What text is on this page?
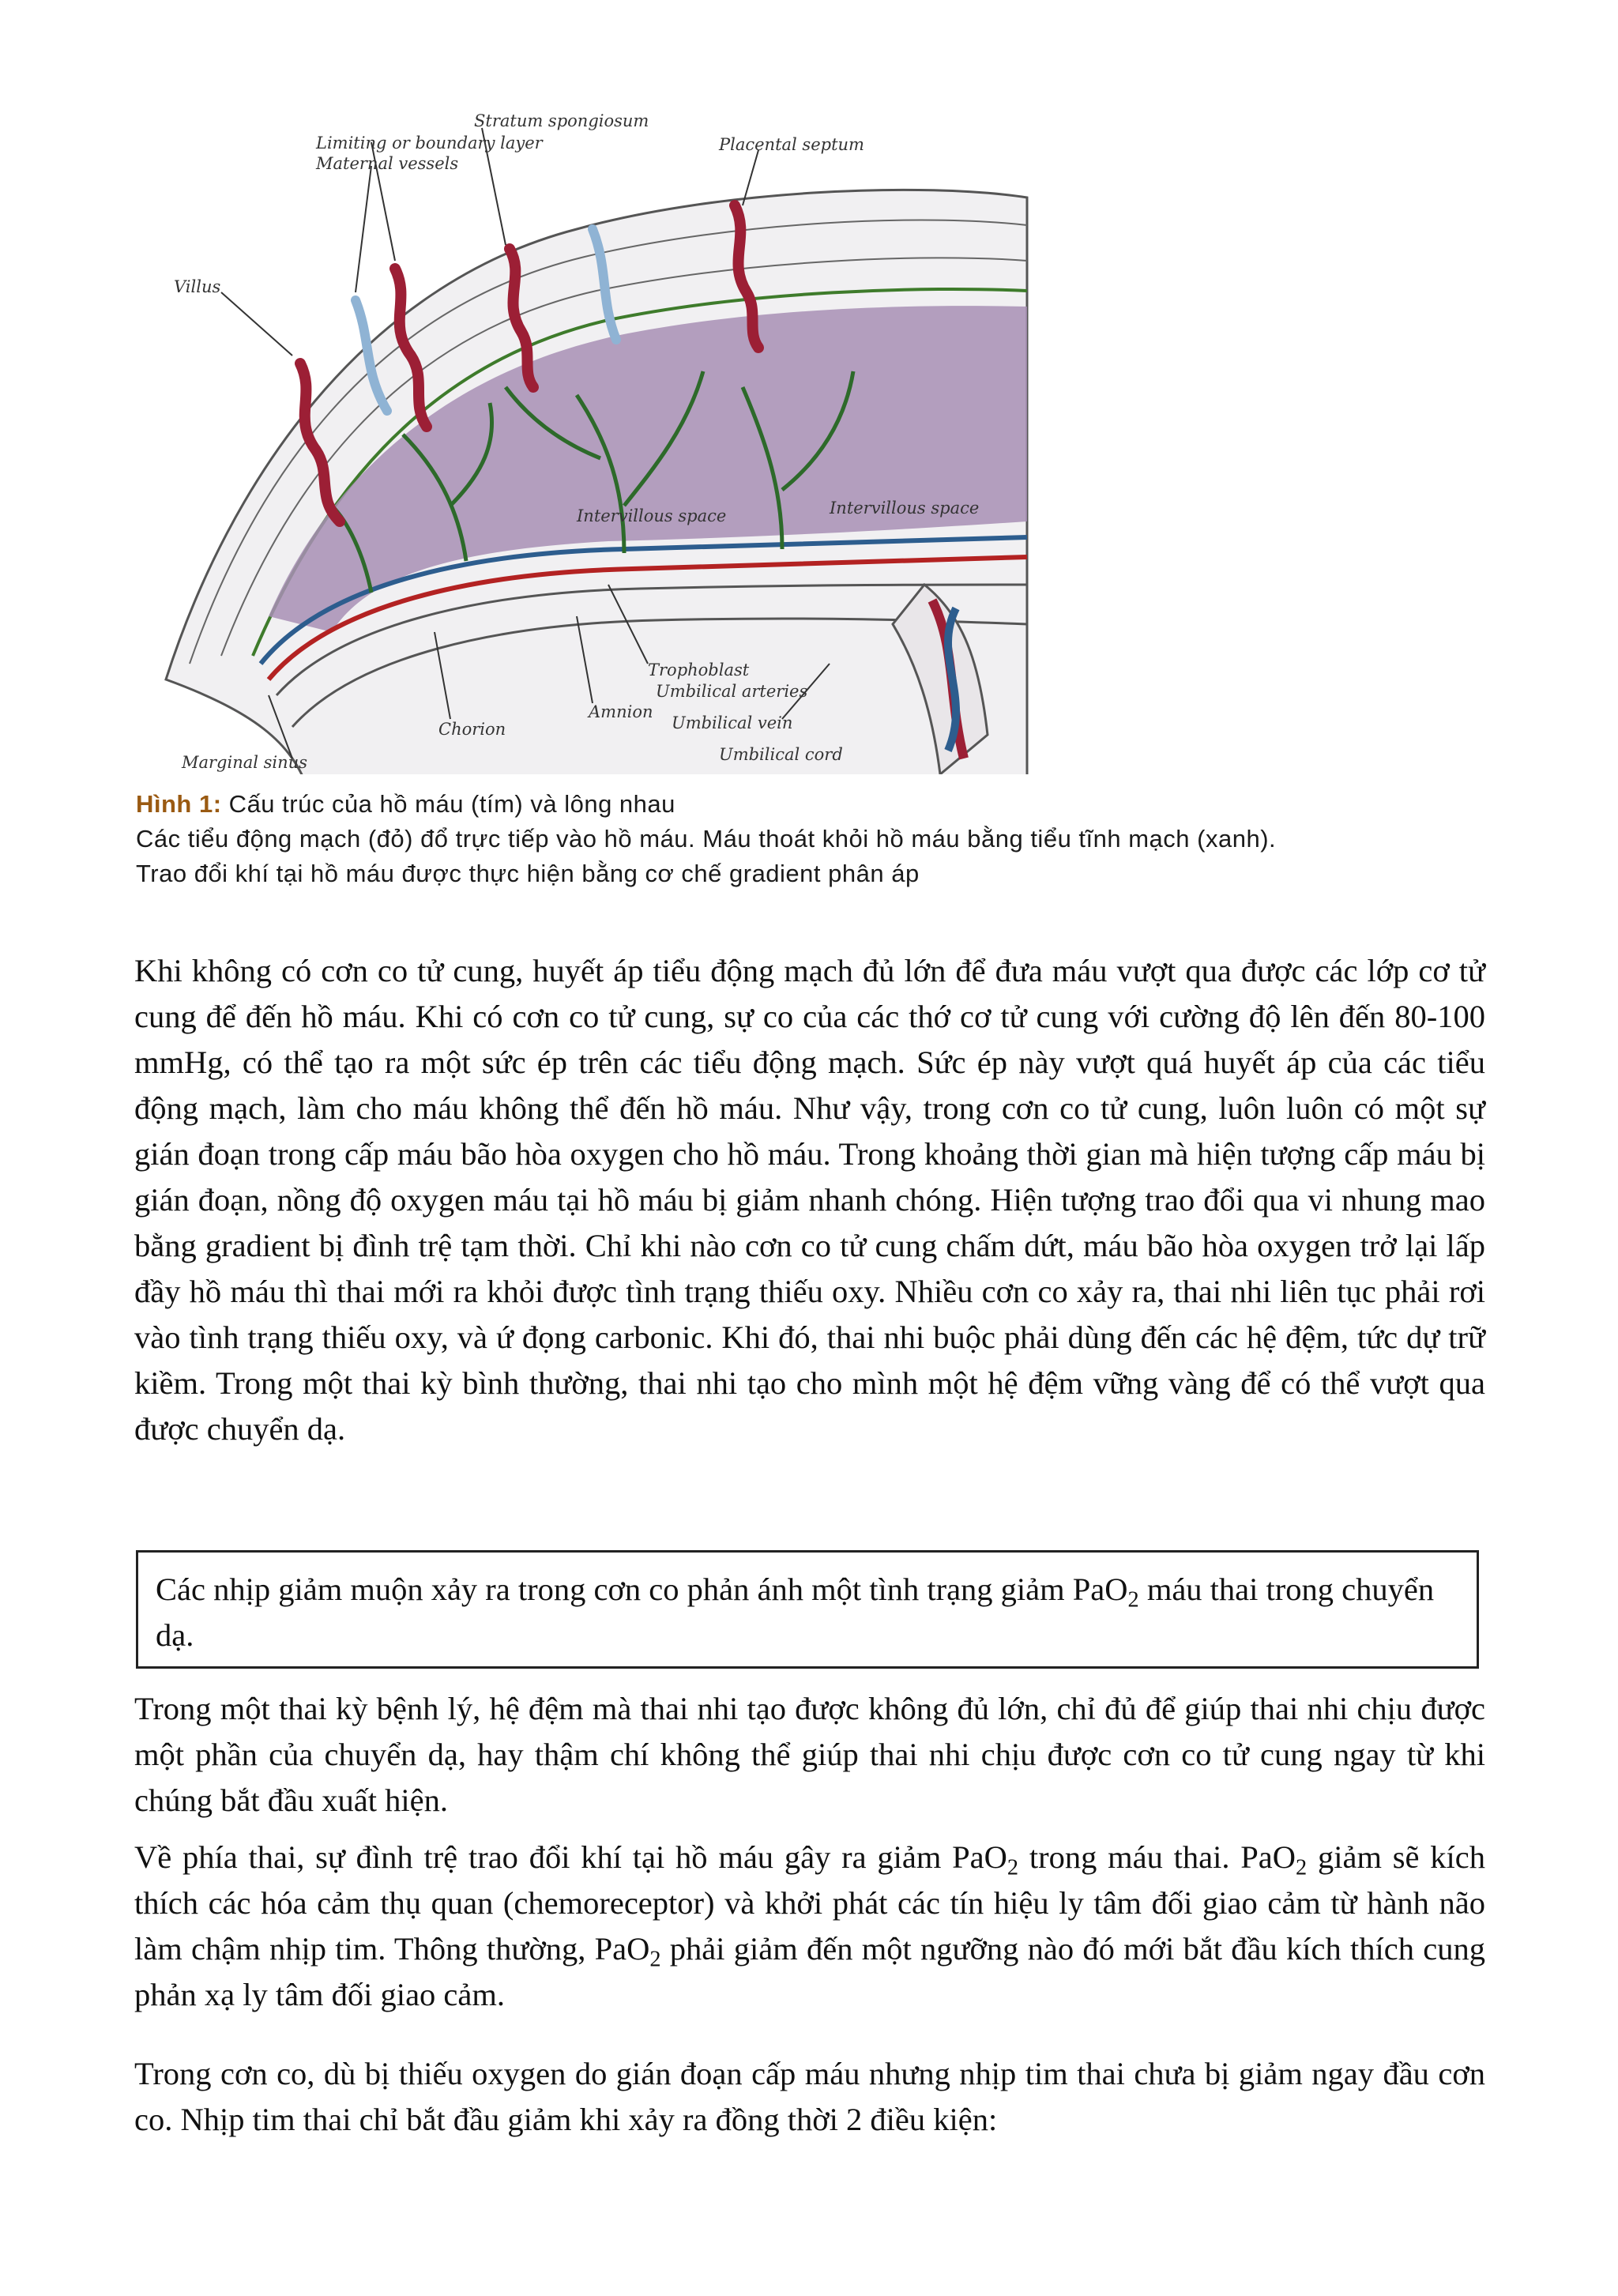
Stratum spongiosum
Limiting or boundary layer
Maternal vessels
Placental septum
Villus
Intervillous space	Intervillous space
Trophoblast
Umbilical arteries
Amnion
Umbilical vein
Chorion
Umbilical cord
Marginal sinus
Hình 1: Cấu trúc của hồ máu (tím) và lông nhau
Các tiểu động mạch (đỏ) đổ trực tiếp vào hồ máu. Máu thoát khỏi hồ máu bằng tiểu tĩnh mạch (xanh).
Trao đổi khí tại hồ máu được thực hiện bằng cơ chế gradient phân áp
Khi không có cơn co tử cung, huyết áp tiểu động mạch đủ lớn để đưa máu vượt qua được các lớp cơ tử cung để đến hồ máu. Khi có cơn co tử cung, sự co của các thớ cơ tử cung với cường độ lên đến 80-100 mmHg, có thể tạo ra một sức ép trên các tiểu động mạch. Sức ép này vượt quá huyết áp của các tiểu động mạch, làm cho máu không thể đến hồ máu. Như vậy, trong cơn co tử cung, luôn luôn có một sự gián đoạn trong cấp máu bão hòa oxygen cho hồ máu. Trong khoảng thời gian mà hiện tượng cấp máu bị gián đoạn, nồng độ oxygen máu tại hồ máu bị giảm nhanh chóng. Hiện tượng trao đổi qua vi nhung mao bằng gradient bị đình trệ tạm thời. Chỉ khi nào cơn co tử cung chấm dứt, máu bão hòa oxygen trở lại lấp đầy hồ máu thì thai mới ra khỏi được tình trạng thiếu oxy. Nhiều cơn co xảy ra, thai nhi liên tục phải rơi vào tình trạng thiếu oxy, và ứ đọng carbonic. Khi đó, thai nhi buộc phải dùng đến các hệ đệm, tức dự trữ kiềm. Trong một thai kỳ bình thường, thai nhi tạo cho mình một hệ đệm vững vàng để có thể vượt qua được chuyển dạ.
Các nhịp giảm muộn xảy ra trong cơn co phản ánh một tình trạng giảm PaO$_2$ máu thai trong chuyển dạ.
Trong một thai kỳ bệnh lý, hệ đệm mà thai nhi tạo được không đủ lớn, chỉ đủ để giúp thai nhi chịu được một phần của chuyển dạ, hay thậm chí không thể giúp thai nhi chịu được cơn co tử cung ngay từ khi chúng bắt đầu xuất hiện.
Về phía thai, sự đình trệ trao đổi khí tại hồ máu gây ra giảm PaO$_2$ trong máu thai. PaO$_2$ giảm sẽ kích thích các hóa cảm thụ quan (chemoreceptor) và khởi phát các tín hiệu ly tâm đối giao cảm từ hành não làm chậm nhịp tim. Thông thường, PaO$_2$ phải giảm đến một ngưỡng nào đó mới bắt đầu kích thích cung phản xạ ly tâm đối giao cảm.
Trong cơn co, dù bị thiếu oxygen do gián đoạn cấp máu nhưng nhịp tim thai chưa bị giảm ngay đầu cơn co. Nhịp tim thai chỉ bắt đầu giảm khi xảy ra đồng thời 2 điều kiện:
